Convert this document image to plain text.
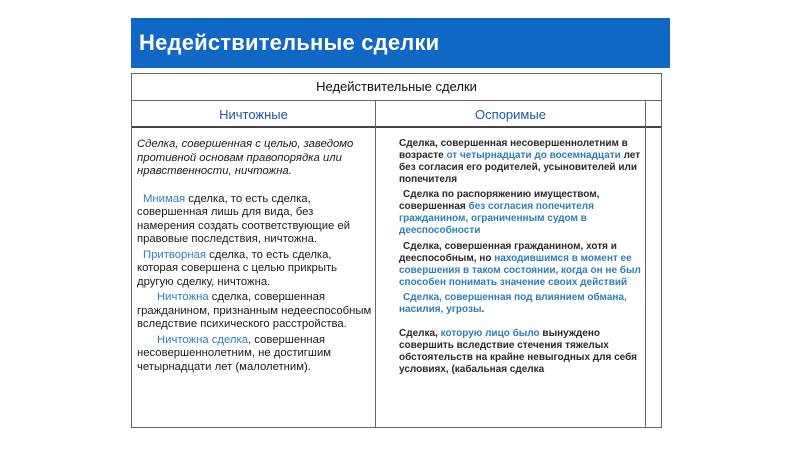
Недействительные сделки
Недействительные сделки
Ничтожные	Оспоримые

Сделка, совершенная с целью, заведомо противной основам правопорядка или нравственности, ничтожна.

Мнимая сделка, то есть сделка, совершенная лишь для вида, без намерения создать соответствующие ей правовые последствия, ничтожна.

Притворная сделка, то есть сделка, которая совершена с целью прикрыть другую сделку, ничтожна.

Ничтожна сделка, совершенная гражданином, признанным недееспособным вследствие психического расстройства.

Ничтожна сделка, совершенная несовершеннолетним, не достигшим четырнадцати лет (малолетним).

Сделка, совершенная несовершеннолетним в возрасте от четырнадцати до восемнадцати лет без согласия его родителей, усыновителей или попечителя

Сделка по распоряжению имуществом, совершенная без согласия попечителя гражданином, ограниченным судом в дееспособности

Сделка, совершенная гражданином, хотя и дееспособным, но находившимся в момент ее совершения в таком состоянии, когда он не был способен понимать значение своих действий

Сделка, совершенная под влиянием обмана, насилия, угрозы.

Сделка, которую лицо было вынуждено совершить вследствие стечения тяжелых обстоятельств на крайне невыгодных для себя условиях, (кабальная сделка
